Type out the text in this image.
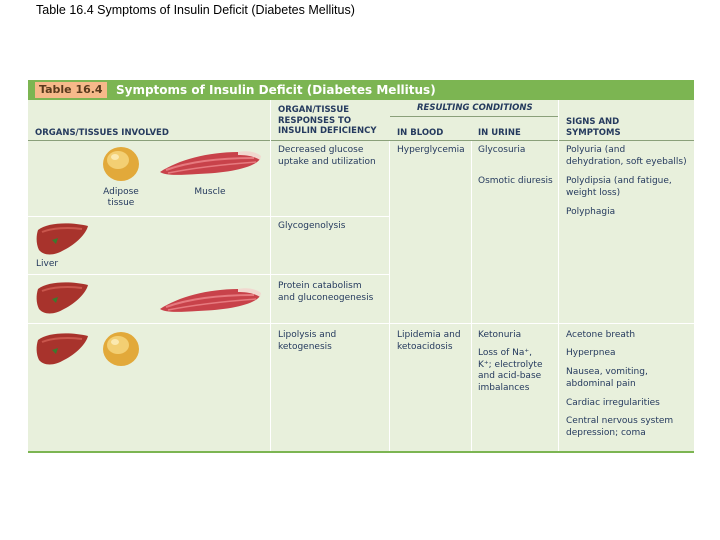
Table 16.4 Symptoms of Insulin Deficit (Diabetes Mellitus)
Table 16.4	Symptoms of Insulin Deficit (Diabetes Mellitus)
ORGANS/TISSUES INVOLVED
ORGAN/TISSUE
RESPONSES TO
INSULIN DEFICIENCY
RESULTING CONDITIONS
IN BLOOD	IN URINE
SIGNS AND
SYMPTOMS
Adipose
tissue
Muscle
Liver
Decreased glucose
uptake and utilization
Glycogenolysis
Protein catabolism
and gluconeogenesis
Lipolysis and
ketogenesis
Hyperglycemia
Lipidemia and
ketoacidosis
Glycosuria
Osmotic diuresis
Ketonuria
Loss of Na⁺,
K⁺; electrolyte
and acid-base
imbalances
Polyuria (and
dehydration, soft eyeballs)
Polydipsia (and fatigue,
weight loss)
Polyphagia
Acetone breath
Hyperpnea
Nausea, vomiting,
abdominal pain
Cardiac irregularities
Central nervous system
depression; coma
